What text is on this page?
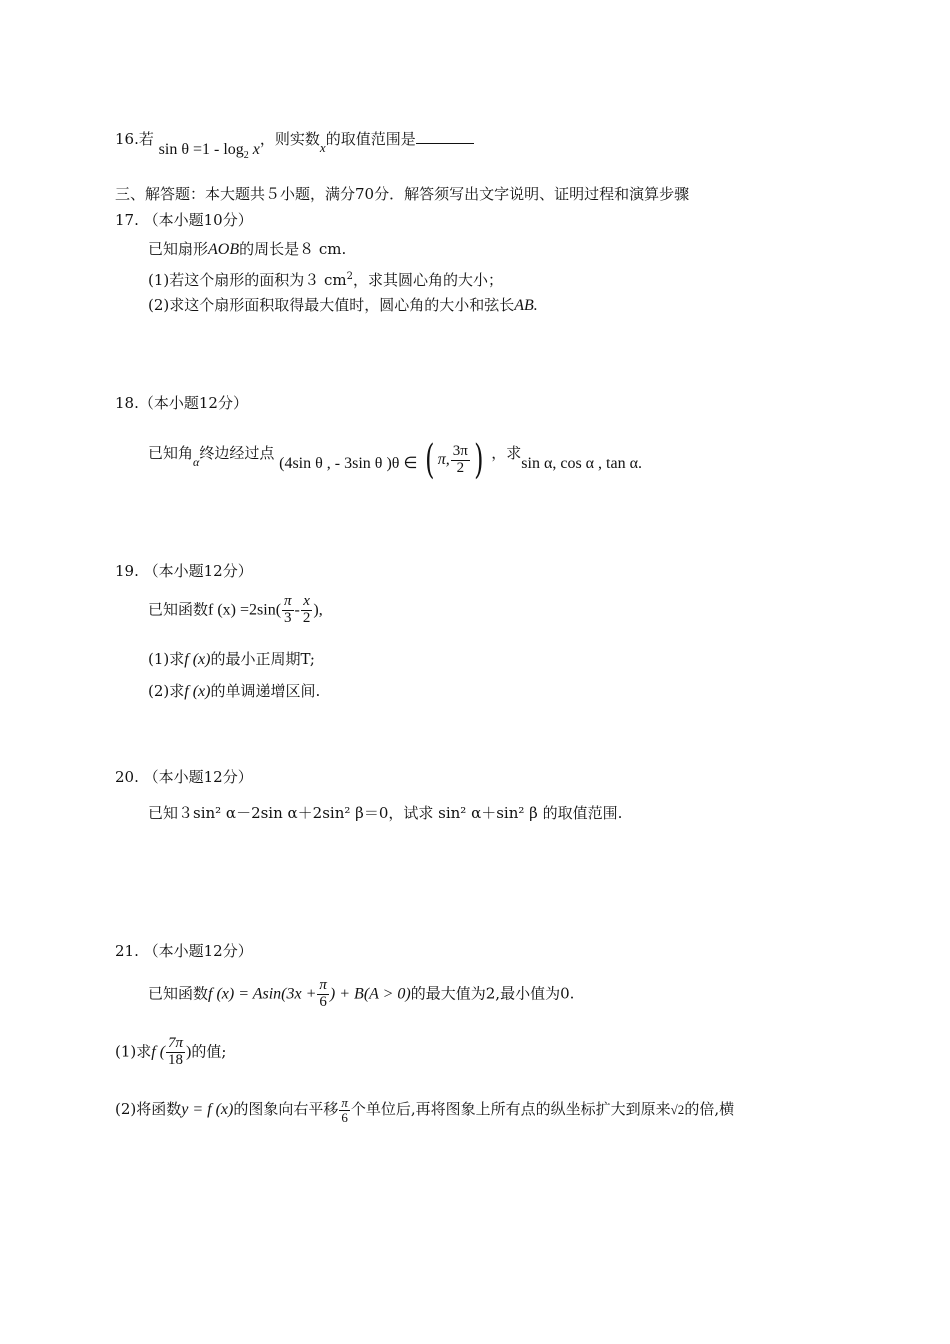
16.若 $\sin \theta =1 - \log_2 x$，则实数x的取值范围是
三、解答题：本大题共５小题，满分70分．解答须写出文字说明、证明过程和演算步骤
17. （本小题10分）
已知扇形AOB的周长是８ cm.
(1)若这个扇形的面积为３ $cm^2$，求其圆心角的大小；
(2)求这个扇形面积取得最大值时，圆心角的大小和弦长AB.
18.（本小题12分）
已知角α终边经过点 (4sin θ , - 3sin θ )θ ∈ ( π, $\frac{3\pi}{2}$ ) ，求sin α, cos α , tan α.
19. （本小题12分）
已知函数f $(x) =2\sin( \frac{\pi}{3} - \frac{x}{2}$ ),
(1)求f (x)的最小正周期T;
(2)求f (x)的单调递增区间.
20. （本小题12分）
已知３sin² α－2sin α＋2sin² β＝0，试求 sin² α＋sin² β 的取值范围.
21. （本小题12分）
已知函数f $(x) = Asin(3x + \frac{\pi}{6}$ ) + B(A > 0)的最大值为2,最小值为0.
(1)求f ( $\frac{7\pi}{18}$ )的值;
(2)将函数y = f (x)的图象向右平移 $\frac{\pi}{6}$ 个单位后,再将图象上所有点的纵坐标扩大到原来√2的倍,横
